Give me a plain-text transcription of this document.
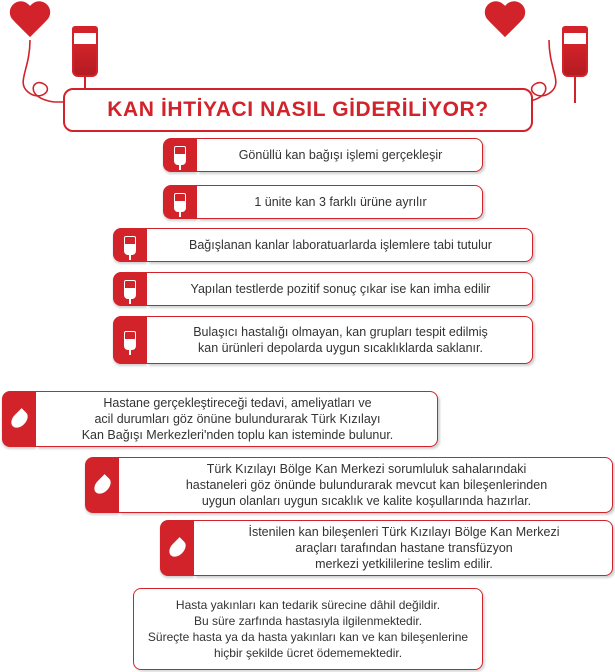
KAN İHTİYACI NASIL GİDERİLİYOR?
Gönüllü kan bağışı işlemi gerçekleşir
1 ünite kan 3 farklı ürüne ayrılır
Bağışlanan kanlar laboratuarlarda işlemlere tabi tutulur
Yapılan testlerde pozitif sonuç çıkar ise kan imha edilir
Bulaşıcı hastalığı olmayan, kan grupları tespit edilmiş
kan ürünleri depolarda uygun sıcaklıklarda saklanır.
Hastane gerçekleştireceği tedavi, ameliyatları ve
acil durumları göz önüne bulundurarak Türk Kızılayı
Kan Bağışı Merkezleri'nden toplu kan isteminde bulunur.
Türk Kızılayı Bölge Kan Merkezi sorumluluk sahalarındaki
hastaneleri göz önünde bulundurarak mevcut kan bileşenlerinden
uygun olanları uygun sıcaklık ve kalite koşullarında hazırlar.
İstenilen kan bileşenleri Türk Kızılayı Bölge Kan Merkezi
araçları tarafından hastane transfüzyon
merkezi yetkililerine teslim edilir.
Hasta yakınları kan tedarik sürecine dâhil değildir.
Bu süre zarfında hastasıyla ilgilenmektedir.
Süreçte hasta ya da hasta yakınları kan ve kan bileşenlerine
hiçbir şekilde ücret ödememektedir.
